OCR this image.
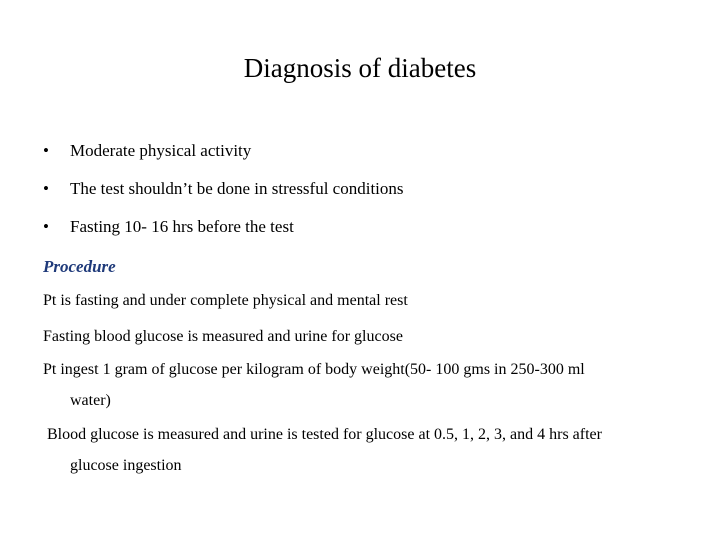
Diagnosis of diabetes
• Moderate physical activity
• The test shouldn’t be done in stressful conditions
• Fasting 10- 16 hrs before the test
Procedure
Pt is fasting and under complete physical and mental rest
Fasting blood glucose is measured and urine for glucose
Pt ingest 1 gram of glucose per kilogram of body weight(50- 100 gms in 250-300 ml
water)
Blood glucose is measured and urine is tested for glucose at 0.5, 1, 2, 3, and 4 hrs after
glucose ingestion
